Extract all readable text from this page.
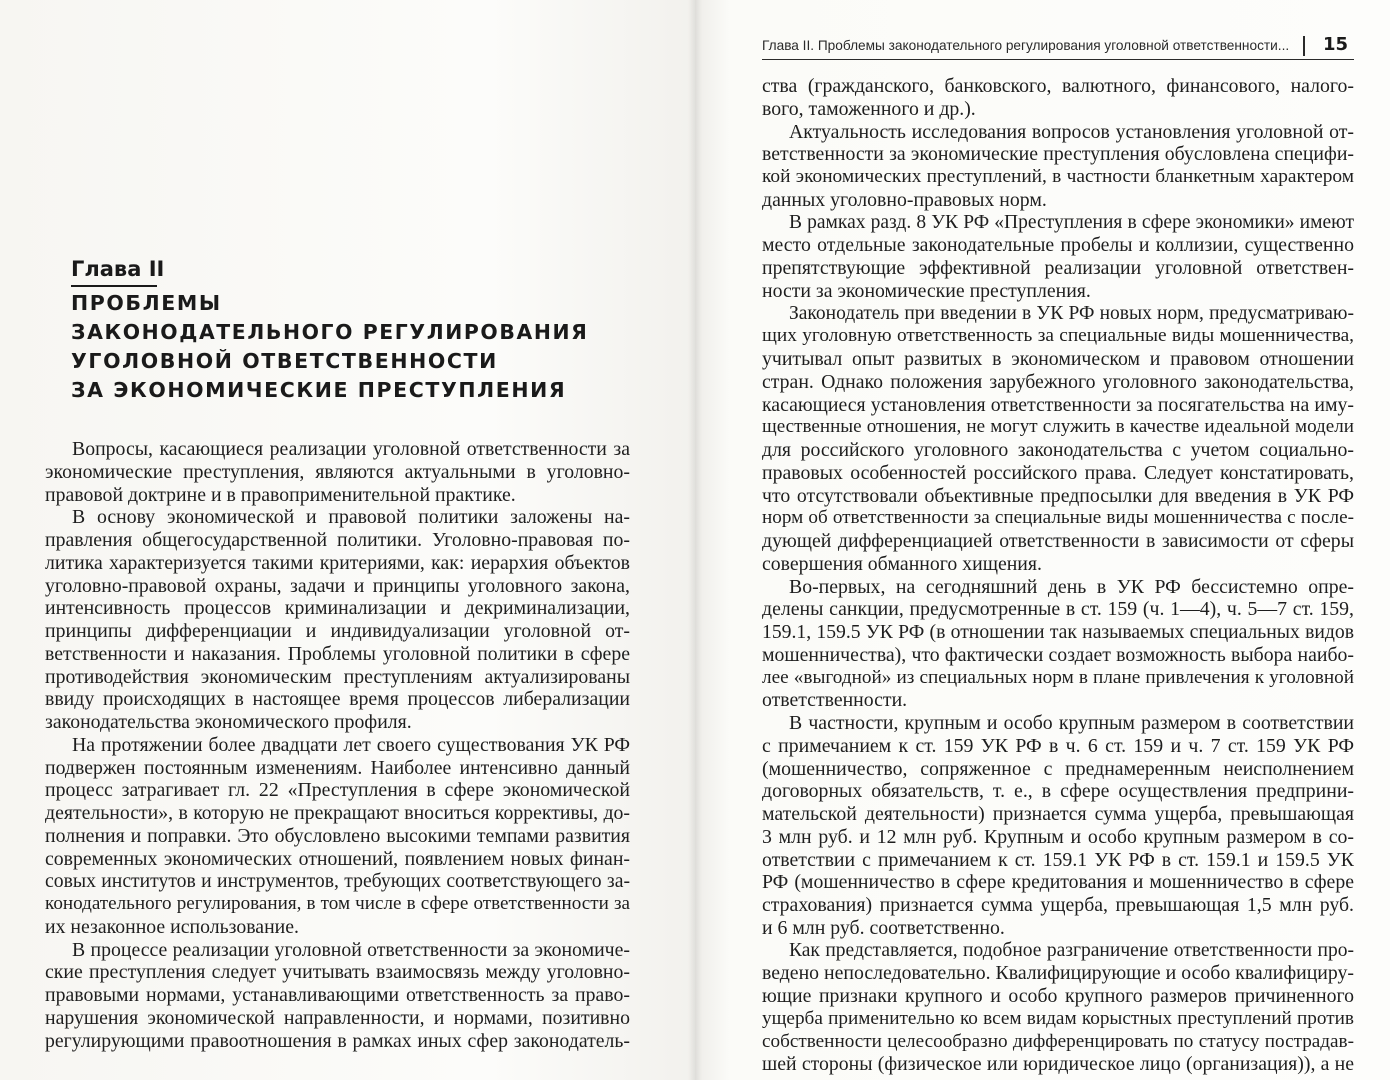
Глава II. Проблемы законодательного регулирования уголовной ответственности... 15
Глава II
ПРОБЛЕМЫ
ЗАКОНОДАТЕЛЬНОГО РЕГУЛИРОВАНИЯ
УГОЛОВНОЙ ОТВЕТСТВЕННОСТИ
ЗА ЭКОНОМИЧЕСКИЕ ПРЕСТУПЛЕНИЯ

Вопросы, касающиеся реализации уголовной ответственности за
экономические преступления, являются актуальными в уголовно-
правовой доктрине и в правоприменительной практике.

В основу экономической и правовой политики заложены на-
правления общегосударственной политики. Уголовно-правовая по-
литика характеризуется такими критериями, как: иерархия объектов
уголовно-правовой охраны, задачи и принципы уголовного закона,
интенсивность процессов криминализации и декриминализации,
принципы дифференциации и индивидуализации уголовной от-
ветственности и наказания. Проблемы уголовной политики в сфере
противодействия экономическим преступлениям актуализированы
ввиду происходящих в настоящее время процессов либерализации
законодательства экономического профиля.

На протяжении более двадцати лет своего существования УК РФ
подвержен постоянным изменениям. Наиболее интенсивно данный
процесс затрагивает гл. 22 «Преступления в сфере экономической
деятельности», в которую не прекращают вноситься коррективы, до-
полнения и поправки. Это обусловлено высокими темпами развития
современных экономических отношений, появлением новых финан-
совых институтов и инструментов, требующих соответствующего за-
конодательного регулирования, в том числе в сфере ответственности за
их незаконное использование.

В процессе реализации уголовной ответственности за экономиче-
ские преступления следует учитывать взаимосвязь между уголовно-
правовыми нормами, устанавливающими ответственность за право-
нарушения экономической направленности, и нормами, позитивно
регулирующими правоотношения в рамках иных сфер законодатель-

ства (гражданского, банковского, валютного, финансового, налого-
вого, таможенного и др.).

Актуальность исследования вопросов установления уголовной от-
ветственности за экономические преступления обусловлена специфи-
кой экономических преступлений, в частности бланкетным характером
данных уголовно-правовых норм.

В рамках разд. 8 УК РФ «Преступления в сфере экономики» имеют
место отдельные законодательные пробелы и коллизии, существенно
препятствующие эффективной реализации уголовной ответствен-
ности за экономические преступления.

Законодатель при введении в УК РФ новых норм, предусматриваю-
щих уголовную ответственность за специальные виды мошенничества,
учитывал опыт развитых в экономическом и правовом отношении
стран. Однако положения зарубежного уголовного законодательства,
касающиеся установления ответственности за посягательства на иму-
щественные отношения, не могут служить в качестве идеальной модели
для российского уголовного законодательства с учетом социально-
правовых особенностей российского права. Следует констатировать,
что отсутствовали объективные предпосылки для введения в УК РФ
норм об ответственности за специальные виды мошенничества с после-
дующей дифференциацией ответственности в зависимости от сферы
совершения обманного хищения.

Во-первых, на сегодняшний день в УК РФ бессистемно опре-
делены санкции, предусмотренные в ст. 159 (ч. 1—4), ч. 5—7 ст. 159,
159.1, 159.5 УК РФ (в отношении так называемых специальных видов
мошенничества), что фактически создает возможность выбора наибо-
лее «выгодной» из специальных норм в плане привлечения к уголовной
ответственности.

В частности, крупным и особо крупным размером в соответствии
с примечанием к ст. 159 УК РФ в ч. 6 ст. 159 и ч. 7 ст. 159 УК РФ
(мошенничество, сопряженное с преднамеренным неисполнением
договорных обязательств, т. е., в сфере осуществления предприни-
мательской деятельности) признается сумма ущерба, превышающая
3 млн руб. и 12 млн руб. Крупным и особо крупным размером в со-
ответствии с примечанием к ст. 159.1 УК РФ в ст. 159.1 и 159.5 УК
РФ (мошенничество в сфере кредитования и мошенничество в сфере
страхования) признается сумма ущерба, превышающая 1,5 млн руб.
и 6 млн руб. соответственно.

Как представляется, подобное разграничение ответственности про-
ведено непоследовательно. Квалифицирующие и особо квалифициру-
ющие признаки крупного и особо крупного размеров причиненного
ущерба применительно ко всем видам корыстных преступлений против
собственности целесообразно дифференцировать по статусу пострадав-
шей стороны (физическое или юридическое лицо (организация)), а не
